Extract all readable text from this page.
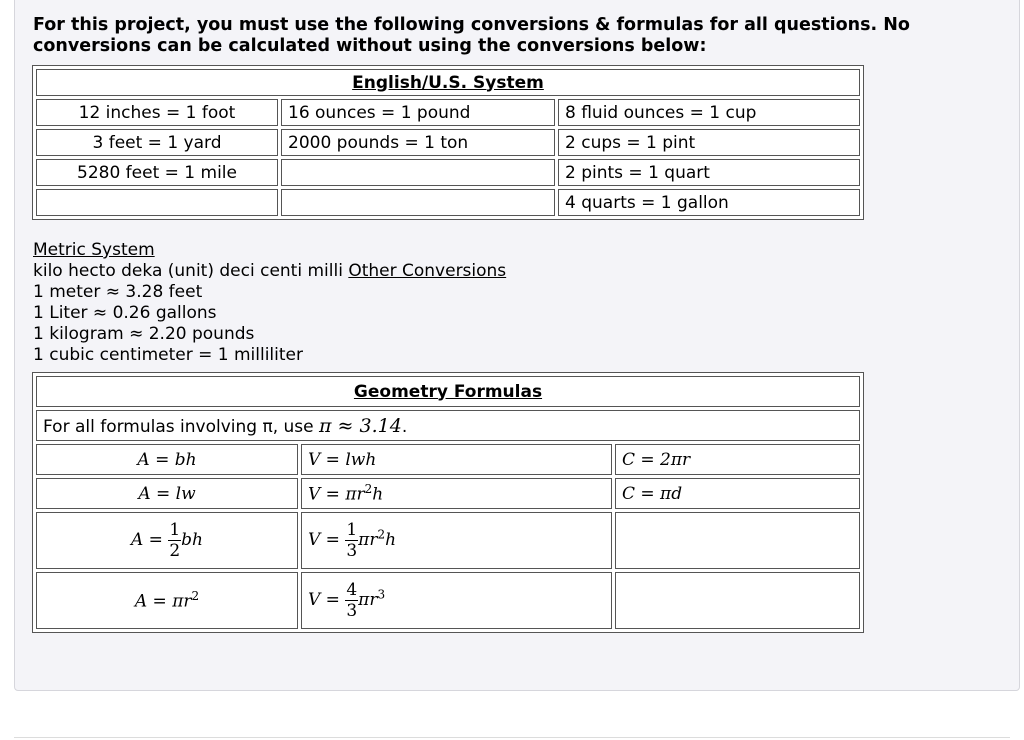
For this project, you must use the following conversions & formulas for all questions. No conversions can be calculated without using the conversions below:

English/U.S. System		
12 inches = 1 foot	16 ounces = 1 pound	8 fluid ounces = 1 cup
3 feet = 1 yard	2000 pounds = 1 ton	2 cups = 1 pint
5280 feet = 1 mile		2 pints = 1 quart
		4 quarts = 1 gallon
Metric System
kilo hecto deka (unit) deci centi milli Other Conversions
1 meter ≈ 3.28 feet
1 Liter ≈ 0.26 gallons
1 kilogram ≈ 2.20 pounds
1 cubic centimeter = 1 milliliter
Geometry Formulas		
For all formulas involving π, use π ≈ 3.14.		
A = bh	V = lwh	C = 2πr
A = lw	$V = \pi r^2h$	C = πd
$A = \frac{1}{2}$ bh	$V = \frac{1}{3} \pi r^2h$	
$A = \pi r^2$	$V = \frac{4}{3} \pi r^3$	
